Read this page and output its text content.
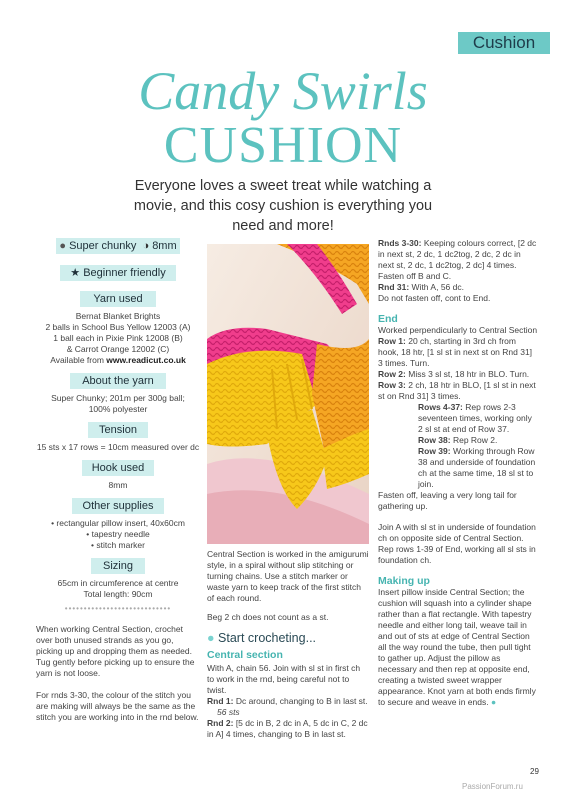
Cushion
Candy Swirls
CUSHION
Everyone loves a sweet treat while watching a movie, and this cosy cushion is everything you need and more!
● Super chunky ◑ 8mm
★ Beginner friendly
Yarn used
Bernat Blanket Brights
2 balls in School Bus Yellow 12003 (A)
1 ball each in Pixie Pink 12008 (B)
& Carrot Orange 12002 (C)
Available from www.readicut.co.uk
About the yarn
Super Chunky; 201m per 300g ball;
100% polyester
Tension
15 sts x 17 rows = 10cm measured over dc
Hook used
8mm
Other supplies
• rectangular pillow insert, 40x60cm
• tapestry needle
• stitch marker
Sizing
65cm in circumference at centre
Total length: 90cm
••••••••••••••••••••••••••••
When working Central Section, crochet over both unused strands as you go, picking up and dropping them as needed. Tug gently before picking up to ensure the yarn is not loose.
For rnds 3-30, the colour of the stitch you are making will always be the same as the stitch you are working into in the rnd below.
Central Section is worked in the amigurumi style, in a spiral without slip stitching or turning chains. Use a stitch marker or waste yarn to keep track of the first stitch of each round.
Beg 2 ch does not count as a st.
● Start crocheting...
Central section
With A, chain 56. Join with sl st in first ch to work in the rnd, being careful not to twist.
Rnd 1: Dc around, changing to B in last st.
56 sts
Rnd 2: [5 dc in B, 2 dc in A, 5 dc in C, 2 dc in A] 4 times, changing to B in last st.

Rnds 3-30: Keeping colours correct, [2 dc in next st, 2 dc, 1 dc2tog, 2 dc, 2 dc in next st, 2 dc, 1 dc2tog, 2 dc] 4 times. Fasten off B and C.

Rnd 31: With A, 56 dc.

Do not fasten off, cont to End.

End

Worked perpendicularly to Central Section

Row 1: 20 ch, starting in 3rd ch from hook, 18 htr, [1 sl st in next st on Rnd 31] 3 times. Turn.

Row 2: Miss 3 sl st, 18 htr in BLO. Turn.

Row 3: 2 ch, 18 htr in BLO, [1 sl st in next st on Rnd 31] 3 times.

Rows 4-37: Rep rows 2-3 seventeen times, working only 2 sl st at end of Row 37.

Row 38: Rep Row 2.

Row 39: Working through Row 38 and underside of foundation ch at the same time, 18 sl st to join.

Fasten off, leaving a very long tail for gathering up.

Join A with sl st in underside of foundation ch on opposite side of Central Section. Rep rows 1-39 of End, working all sl sts in foundation ch.

Making up

Insert pillow inside Central Section; the cushion will squash into a cylinder shape rather than a flat rectangle. With tapestry needle and either long tail, weave tail in and out of sts at edge of Central Section all the way round the tube, then pull tight to gather up. Adjust the pillow as necessary and then rep at opposite end, creating a twisted sweet wrapper appearance. Knot yarn at both ends firmly to secure and weave in ends. ●

29
PassionForum.ru
